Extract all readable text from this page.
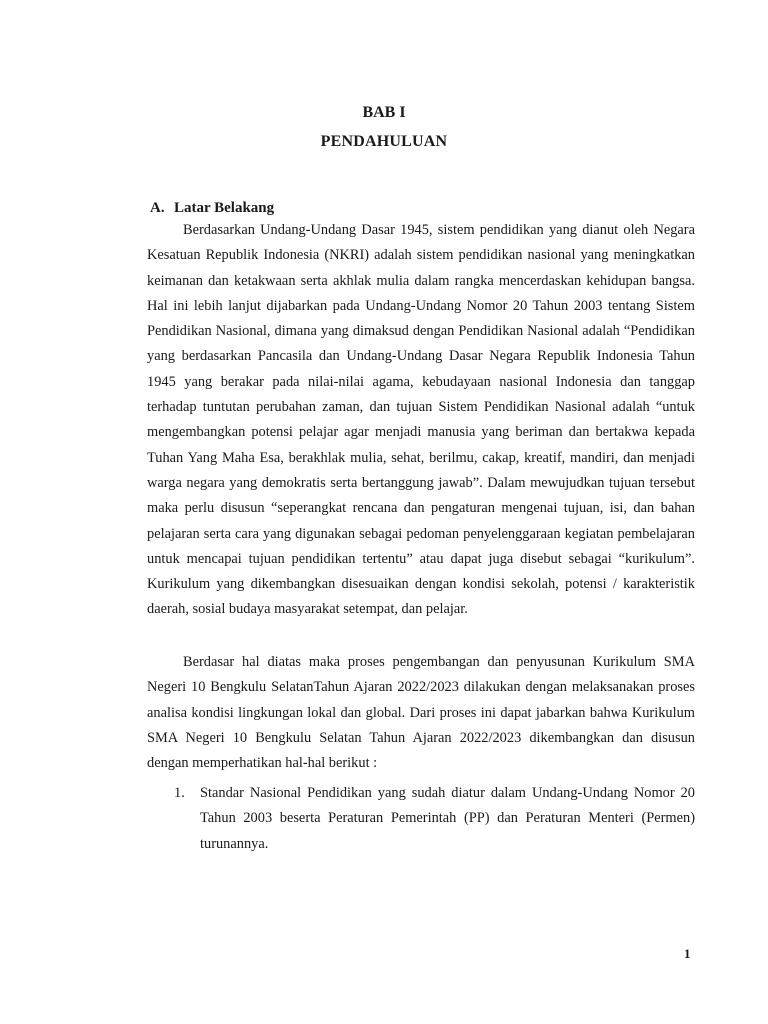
BAB I
PENDAHULUAN
A. Latar Belakang

Berdasarkan Undang-Undang Dasar 1945, sistem pendidikan yang dianut oleh Negara Kesatuan Republik Indonesia (NKRI) adalah sistem pendidikan nasional yang meningkatkan keimanan dan ketakwaan serta akhlak mulia dalam rangka mencerdaskan kehidupan bangsa. Hal ini lebih lanjut dijabarkan pada Undang-Undang Nomor 20 Tahun 2003 tentang Sistem Pendidikan Nasional, dimana yang dimaksud dengan Pendidikan Nasional adalah “Pendidikan yang berdasarkan Pancasila dan Undang-Undang Dasar Negara Republik Indonesia Tahun 1945 yang berakar pada nilai-nilai agama, kebudayaan nasional Indonesia dan tanggap terhadap tuntutan perubahan zaman, dan tujuan Sistem Pendidikan Nasional adalah “untuk mengembangkan potensi pelajar agar menjadi manusia yang beriman dan bertakwa kepada Tuhan Yang Maha Esa, berakhlak mulia, sehat, berilmu, cakap, kreatif, mandiri, dan menjadi warga negara yang demokratis serta bertanggung jawab”. Dalam mewujudkan tujuan tersebut maka perlu disusun “seperangkat rencana dan pengaturan mengenai tujuan, isi, dan bahan pelajaran serta cara yang digunakan sebagai pedoman penyelenggaraan kegiatan pembelajaran untuk mencapai tujuan pendidikan tertentu” atau dapat juga disebut sebagai “kurikulum”. Kurikulum yang dikembangkan disesuaikan dengan kondisi sekolah, potensi / karakteristik daerah, sosial budaya masyarakat setempat, dan pelajar.

Berdasar hal diatas maka proses pengembangan dan penyusunan Kurikulum SMA Negeri 10 Bengkulu SelatanTahun Ajaran 2022/2023 dilakukan dengan melaksanakan proses analisa kondisi lingkungan lokal dan global. Dari proses ini dapat jabarkan bahwa Kurikulum SMA Negeri 10 Bengkulu Selatan Tahun Ajaran 2022/2023 dikembangkan dan disusun dengan memperhatikan hal-hal berikut :

1. Standar Nasional Pendidikan yang sudah diatur dalam Undang-Undang Nomor 20 Tahun 2003 beserta Peraturan Pemerintah (PP) dan Peraturan Menteri (Permen) turunannya.

1
